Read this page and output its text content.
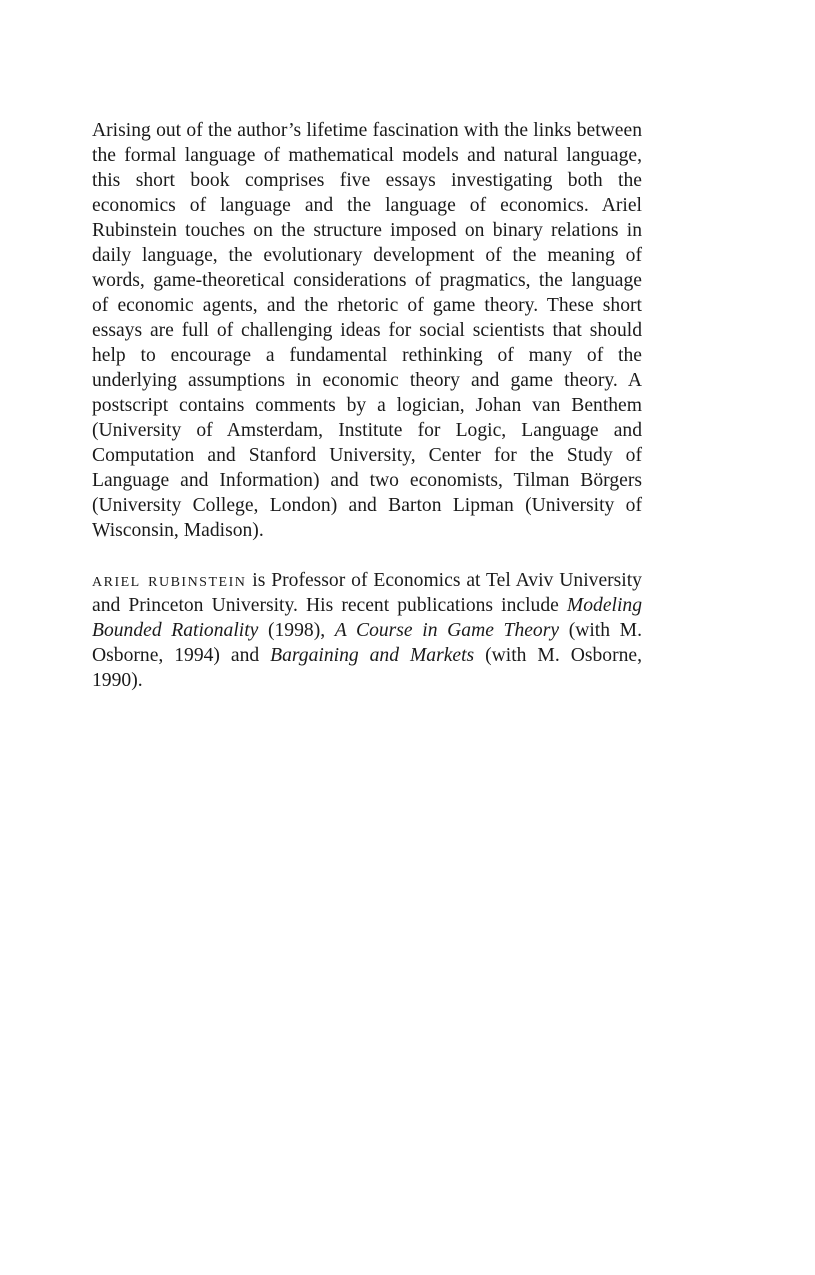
Arising out of the author’s lifetime fascination with the links between the formal language of mathematical models and natural language, this short book comprises five essays investigating both the economics of language and the language of economics. Ariel Rubinstein touches on the structure imposed on binary relations in daily language, the evolutionary development of the meaning of words, game-theoretical considerations of pragmatics, the language of economic agents, and the rhetoric of game theory. These short essays are full of challenging ideas for social scientists that should help to encourage a fundamental rethinking of many of the underlying assumptions in economic theory and game theory. A postscript contains comments by a logician, Johan van Benthem (University of Amsterdam, Institute for Logic, Language and Computation and Stanford University, Center for the Study of Language and Information) and two economists, Tilman Börgers (University College, London) and Barton Lipman (University of Wisconsin, Madison).

ariel rubinstein is Professor of Economics at Tel Aviv University and Princeton University. His recent publications include Modeling Bounded Rationality (1998), A Course in Game Theory (with M. Osborne, 1994) and Bargaining and Markets (with M. Osborne, 1990).
